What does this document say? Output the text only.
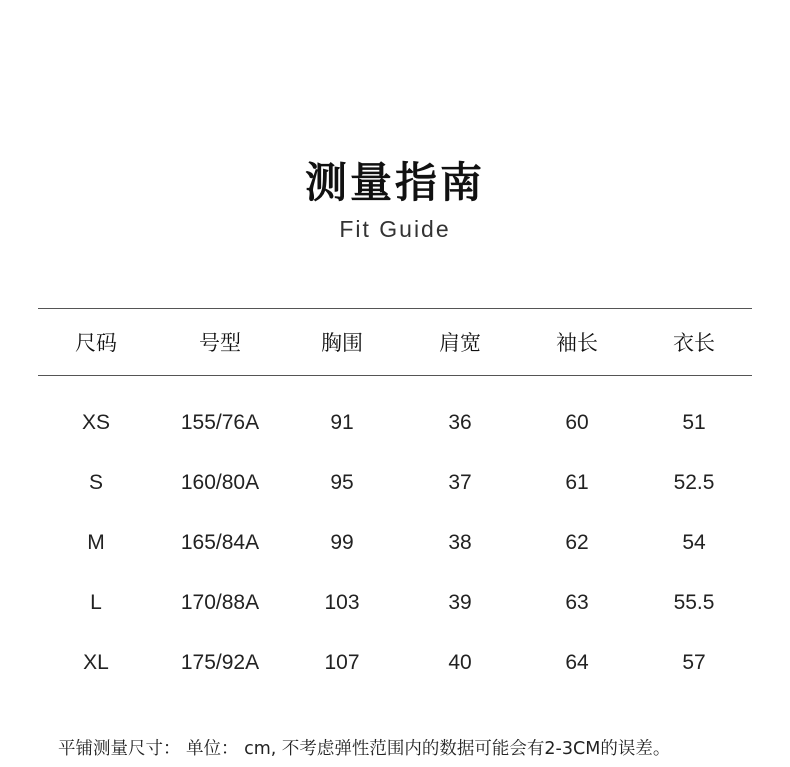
测量指南
Fit Guide
尺码	号型	胸围	肩宽	袖长	衣长
XS	155/76A	91	36	60	51
S	160/80A	95	37	61	52.5
M	165/84A	99	38	62	54
L	170/88A	103	39	63	55.5
XL	175/92A	107	40	64	57
平铺测量尺寸： 单位： cm, 不考虑弹性范围内的数据可能会有2-3CM的误差。
